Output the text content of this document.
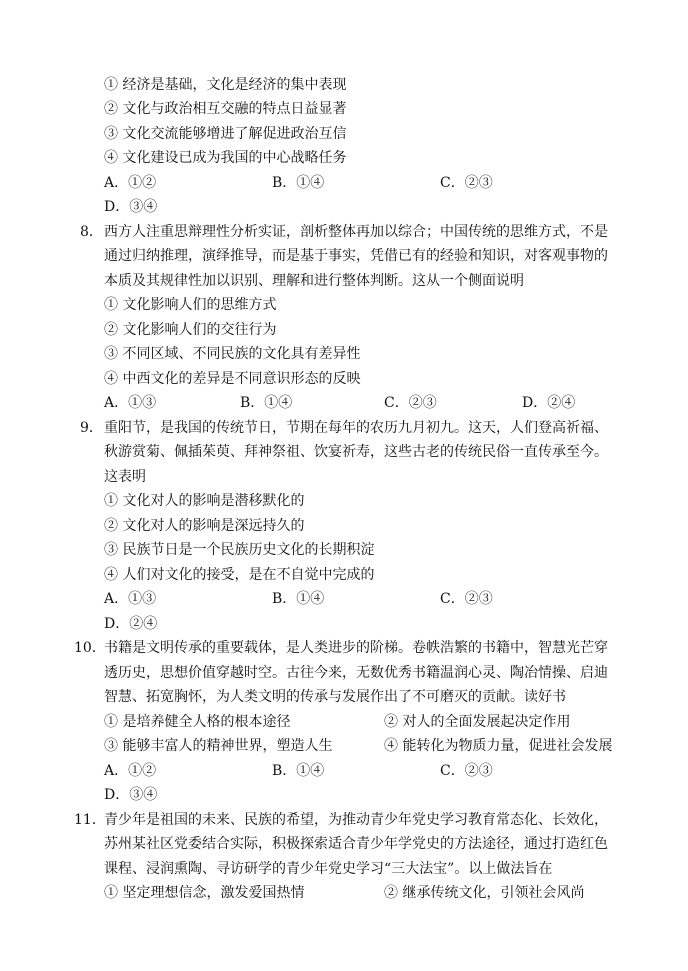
① 经济是基础，文化是经济的集中表现
② 文化与政治相互交融的特点日益显著
③ 文化交流能够增进了解促进政治互信
④ 文化建设已成为我国的中心战略任务
A．①②	B．①④	C．②③
D．③④
8． 西方人注重思辩理性分析实证，剖析整体再加以综合；中国传统的思维方式，不是
通过归纳推理，演绎推导，而是基于事实，凭借已有的经验和知识，对客观事物的
本质及其规律性加以识别、理解和进行整体判断。这从一个侧面说明
① 文化影响人们的思维方式
② 文化影响人们的交往行为
③ 不同区域、不同民族的文化具有差异性
④ 中西文化的差异是不同意识形态的反映
A．①③	B．①④	C．②③	D．②④
9． 重阳节，是我国的传统节日，节期在每年的农历九月初九。这天，人们登高祈福、
秋游赏菊、佩插茱萸、拜神祭祖、饮宴祈寿，这些古老的传统民俗一直传承至今。
这表明
① 文化对人的影响是潜移默化的
② 文化对人的影响是深远持久的
③ 民族节日是一个民族历史文化的长期积淀
④ 人们对文化的接受，是在不自觉中完成的
A．①③	B．①④	C．②③
D．②④
10．
书籍是文明传承的重要载体，是人类进步的阶梯。卷帙浩繁的书籍中，智慧光芒穿
透历史，思想价值穿越时空。古往今来，无数优秀书籍温润心灵、陶冶情操、启迪
智慧、拓宽胸怀，为人类文明的传承与发展作出了不可磨灭的贡献。读好书
① 是培养健全人格的根本途径	② 对人的全面发展起决定作用
③ 能够丰富人的精神世界，塑造人生	④ 能转化为物质力量，促进社会发展
A．①②	B．①④	C．②③
D．③④
11．
青少年是祖国的未来、民族的希望，为推动青少年党史学习教育常态化、长效化，
苏州某社区党委结合实际，积极探索适合青少年学党史的方法途径，通过打造红色
课程、浸润熏陶、寻访研学的青少年党史学习“三大法宝”。以上做法旨在
① 坚定理想信念，激发爱国热情	② 继承传统文化，引领社会风尚
